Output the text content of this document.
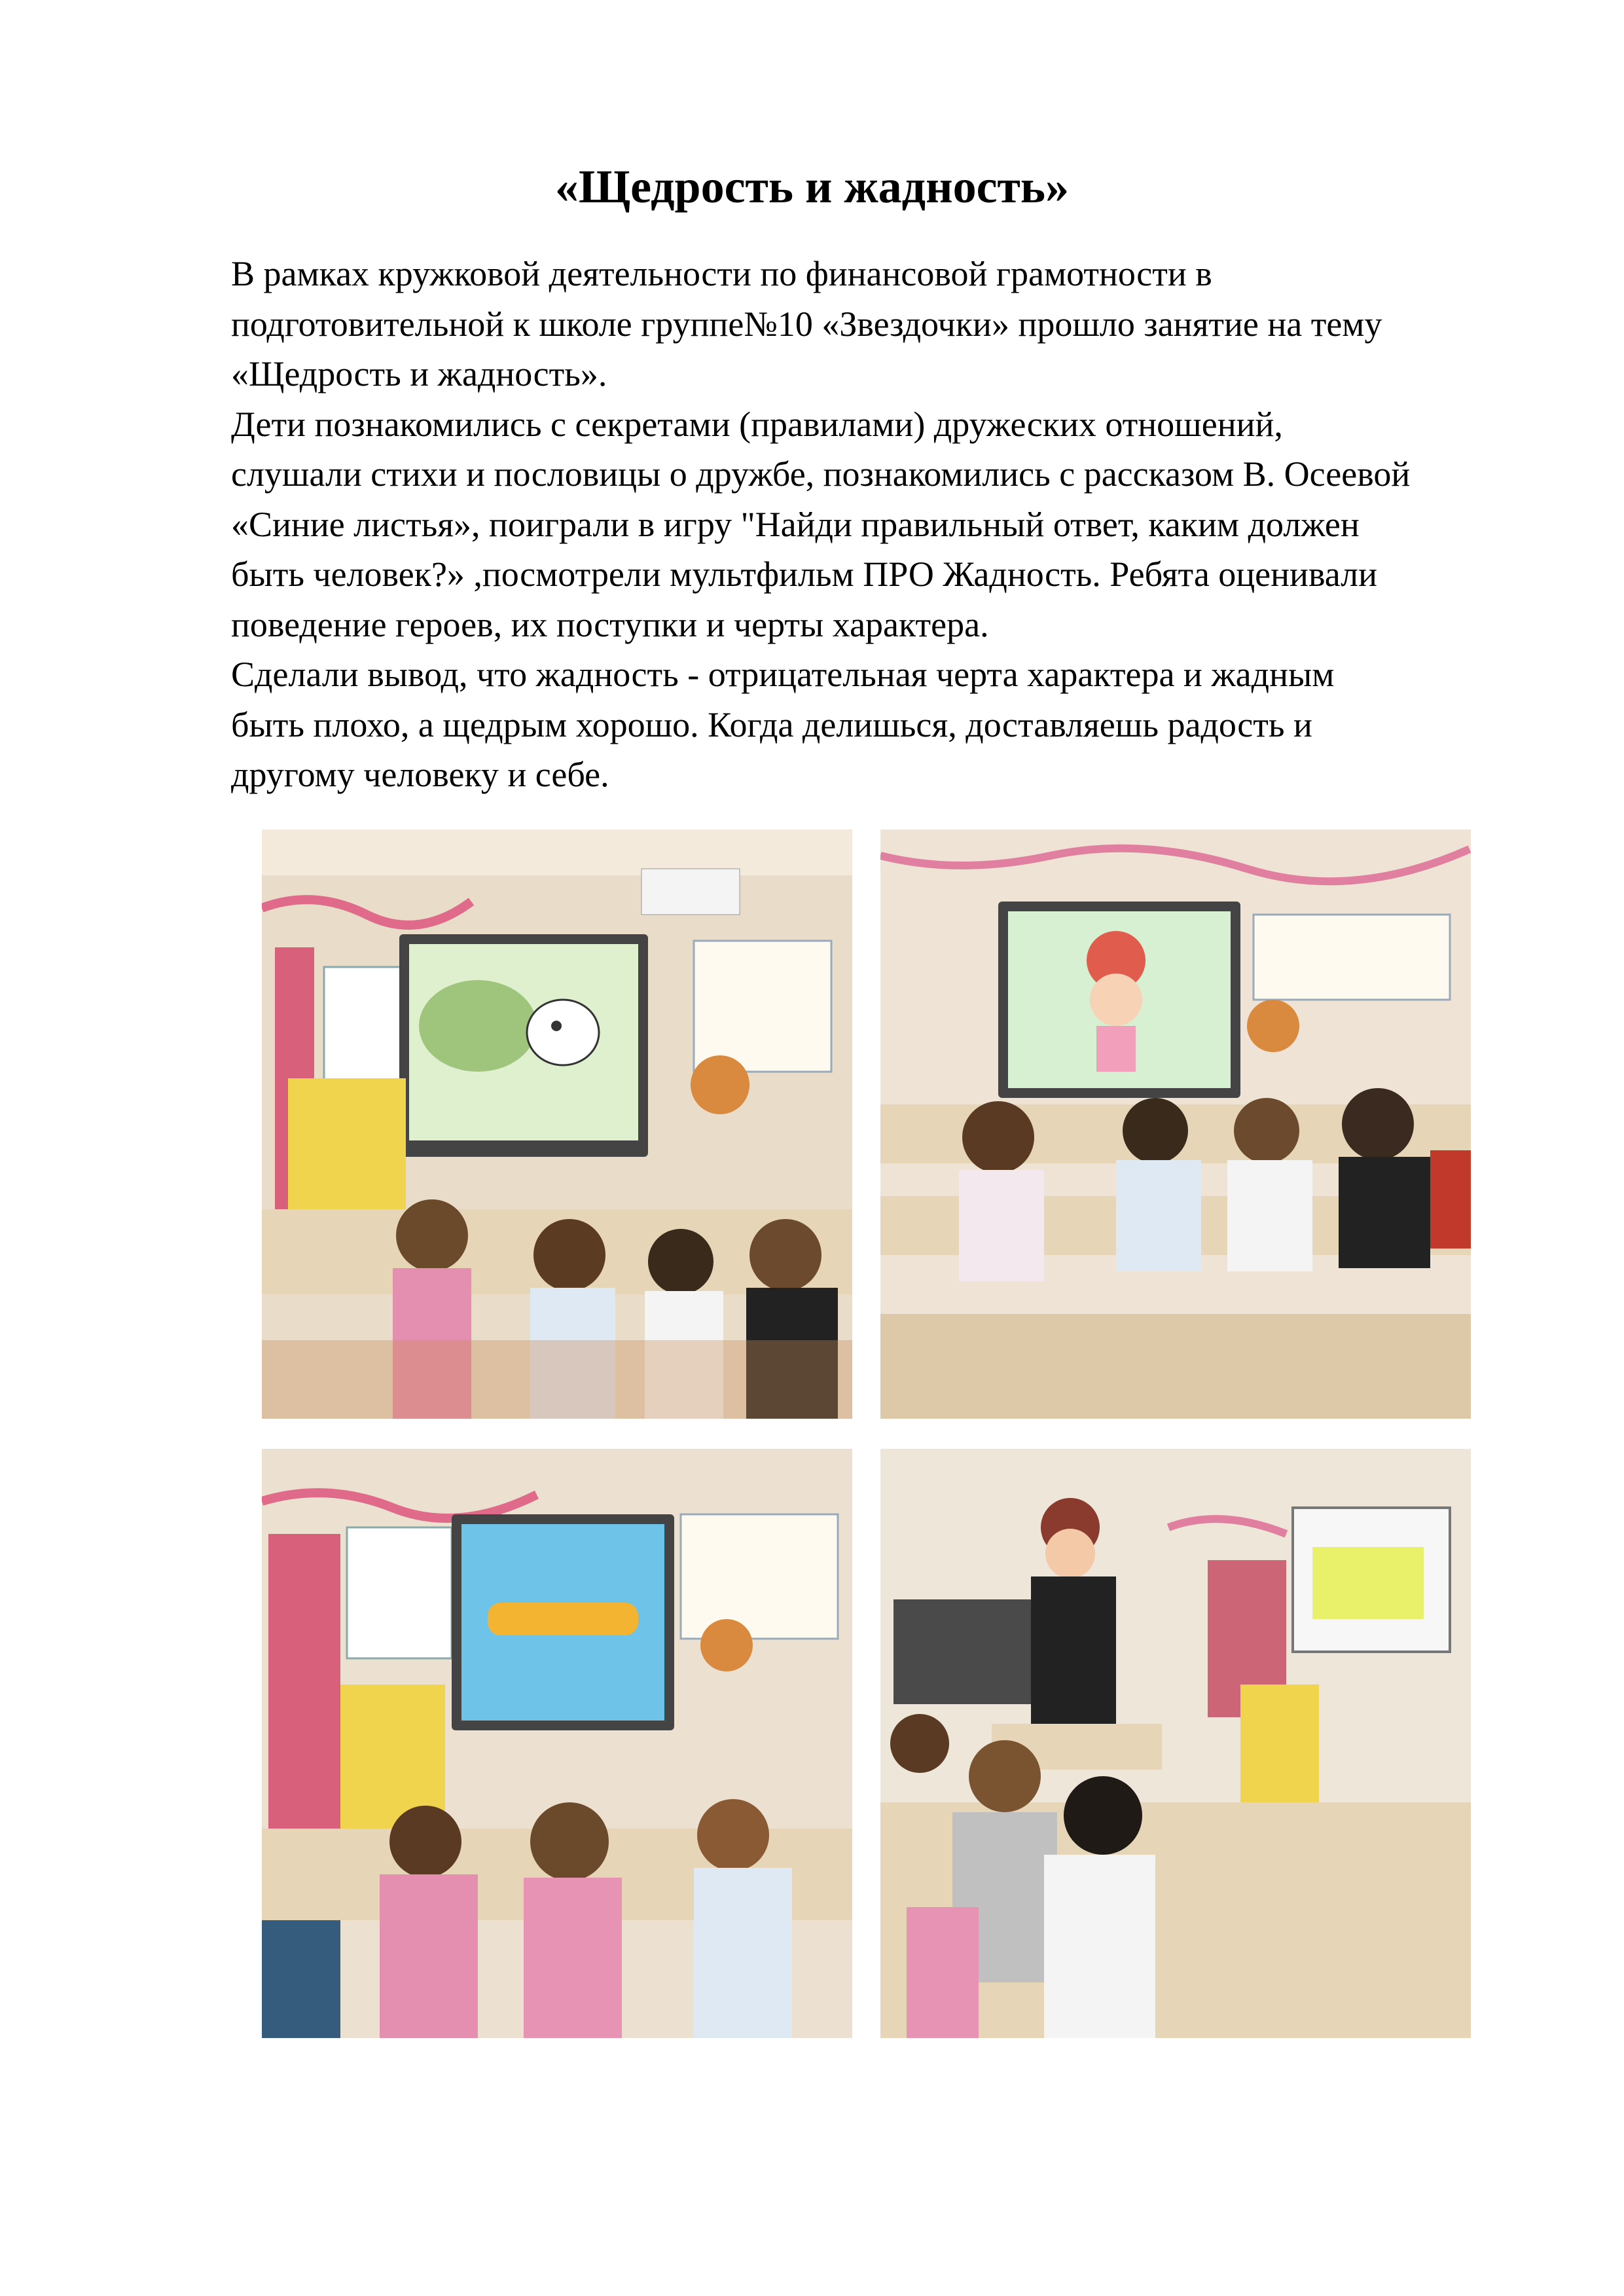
«Щедрость и жадность»

В рамках кружковой деятельности по финансовой грамотности в
подготовительной к школе группе№10 «Звездочки» прошло занятие на тему
«Щедрость и жадность».

Дети познакомились с секретами (правилами) дружеских отношений,
слушали стихи и пословицы о дружбе, познакомились с рассказом В. Осеевой
«Синие листья», поиграли в игру "Найди правильный ответ, каким должен
быть человек?» ,посмотрели мультфильм ПРО Жадность. Ребята оценивали
поведение героев, их поступки и черты характера.

Сделали вывод, что жадность - отрицательная черта характера и жадным
быть плохо, а щедрым хорошо. Когда делишься, доставляешь радость и
другому человеку и себе.
